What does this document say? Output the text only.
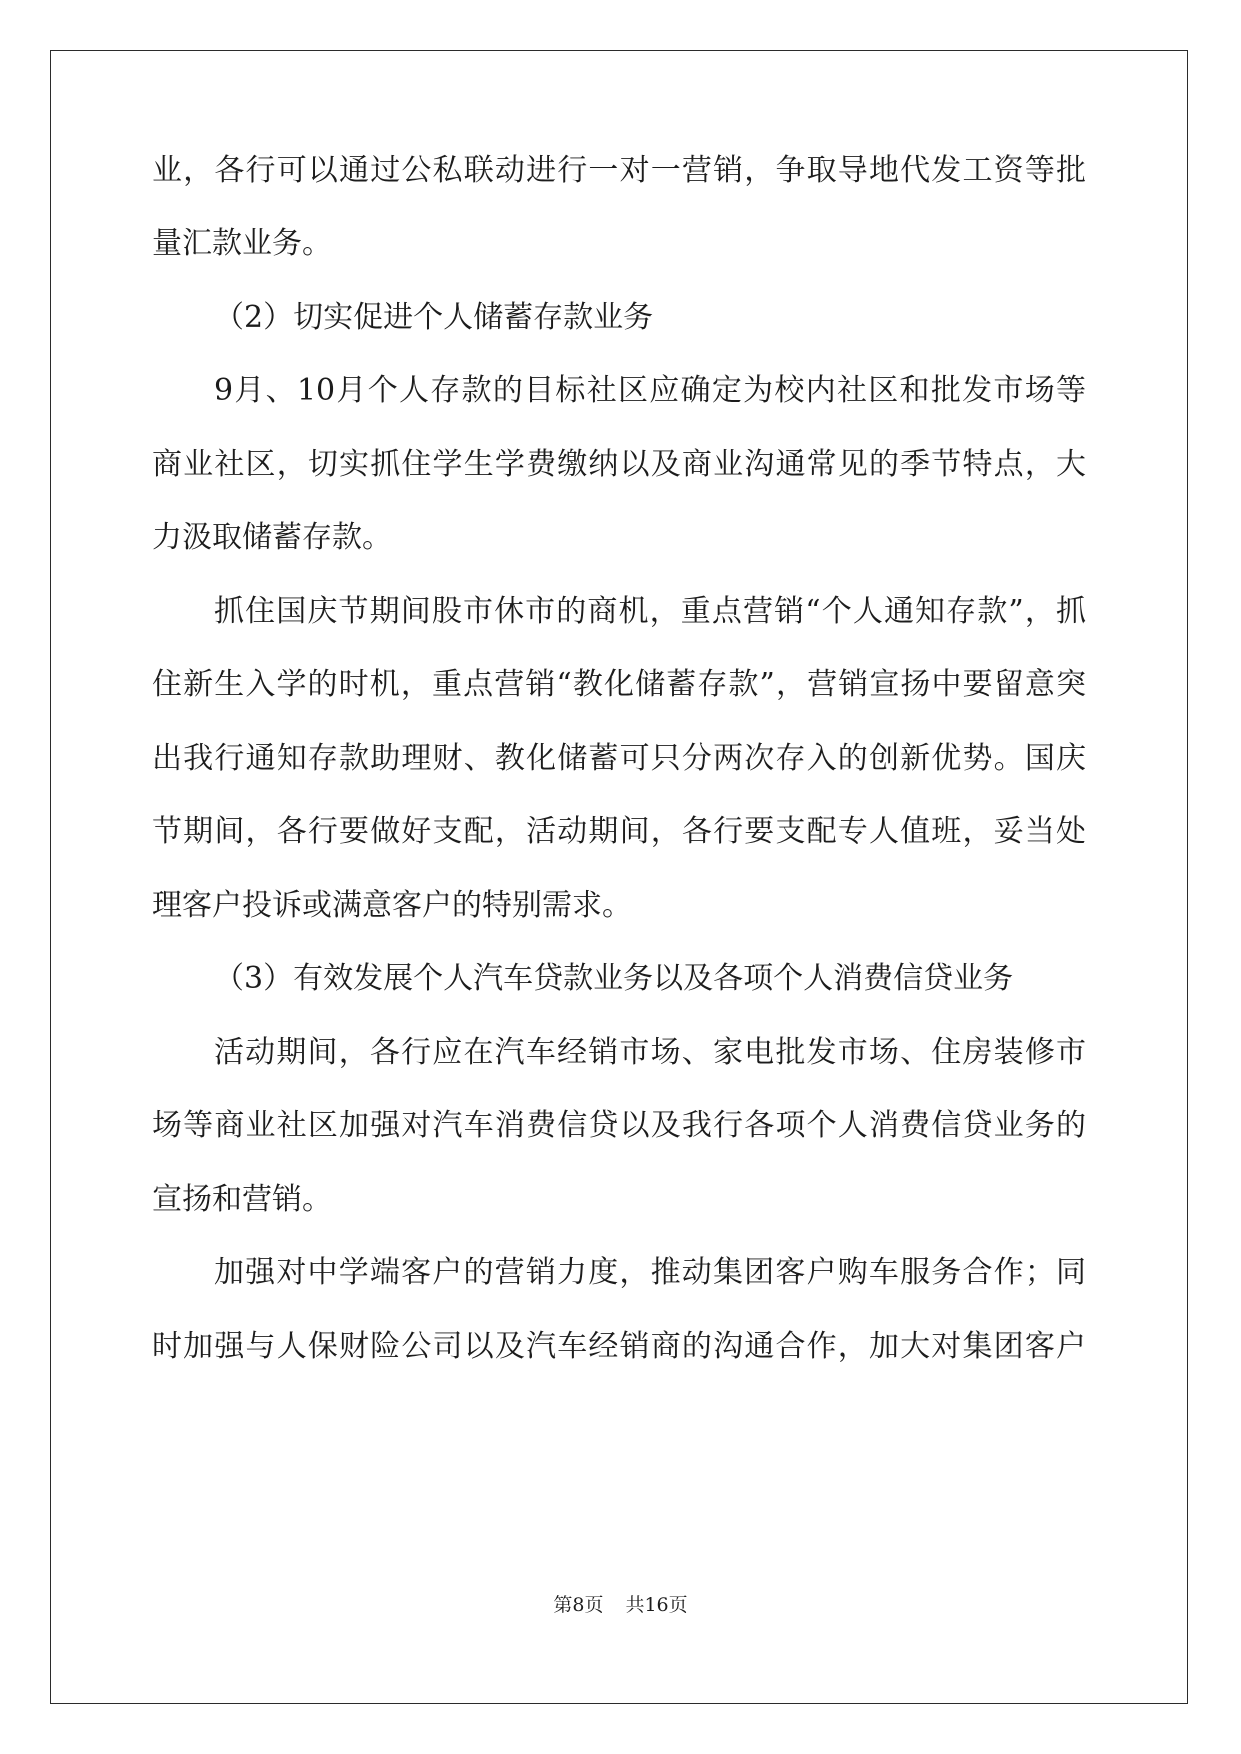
业，各行可以通过公私联动进行一对一营销，争取导地代发工资等批

量汇款业务。

（2）切实促进个人储蓄存款业务

9月、10月个人存款的目标社区应确定为校内社区和批发市场等

商业社区，切实抓住学生学费缴纳以及商业沟通常见的季节特点，大

力汲取储蓄存款。

抓住国庆节期间股市休市的商机，重点营销“个人通知存款”，抓

住新生入学的时机，重点营销“教化储蓄存款”，营销宣扬中要留意突

出我行通知存款助理财、教化储蓄可只分两次存入的创新优势。国庆

节期间，各行要做好支配，活动期间，各行要支配专人值班，妥当处

理客户投诉或满意客户的特别需求。

（3）有效发展个人汽车贷款业务以及各项个人消费信贷业务

活动期间，各行应在汽车经销市场、家电批发市场、住房装修市

场等商业社区加强对汽车消费信贷以及我行各项个人消费信贷业务的

宣扬和营销。

加强对中学端客户的营销力度，推动集团客户购车服务合作；同

时加强与人保财险公司以及汽车经销商的沟通合作，加大对集团客户

第8页 共16页
